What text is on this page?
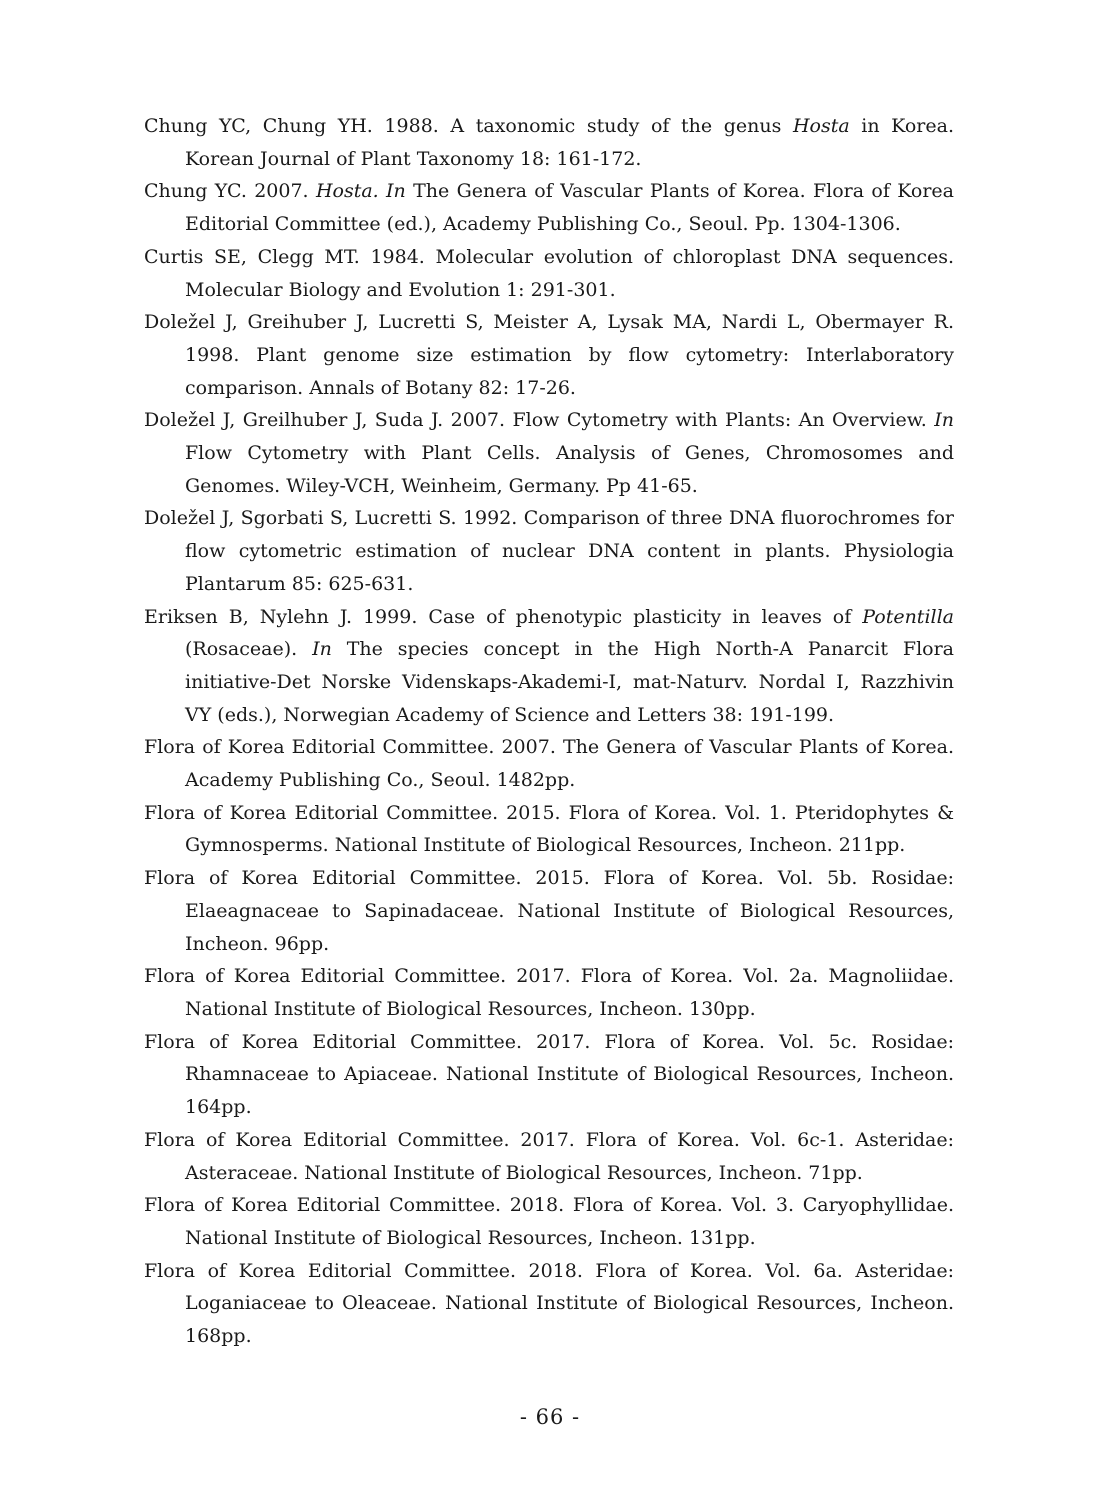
Chung YC, Chung YH. 1988. A taxonomic study of the genus Hosta in Korea. Korean Journal of Plant Taxonomy 18: 161-172.
Chung YC. 2007. Hosta. In The Genera of Vascular Plants of Korea. Flora of Korea Editorial Committee (ed.), Academy Publishing Co., Seoul. Pp. 1304-1306.
Curtis SE, Clegg MT. 1984. Molecular evolution of chloroplast DNA sequences. Molecular Biology and Evolution 1: 291-301.
Doležel J, Greihuber J, Lucretti S, Meister A, Lysak MA, Nardi L, Obermayer R. 1998. Plant genome size estimation by flow cytometry: Interlaboratory comparison. Annals of Botany 82: 17-26.
Doležel J, Greilhuber J, Suda J. 2007. Flow Cytometry with Plants: An Overview. In Flow Cytometry with Plant Cells. Analysis of Genes, Chromosomes and Genomes. Wiley-VCH, Weinheim, Germany. Pp 41-65.
Doležel J, Sgorbati S, Lucretti S. 1992. Comparison of three DNA fluorochromes for flow cytometric estimation of nuclear DNA content in plants. Physiologia Plantarum 85: 625-631.
Eriksen B, Nylehn J. 1999. Case of phenotypic plasticity in leaves of Potentilla (Rosaceae). In The species concept in the High North-A Panarcit Flora initiative-Det Norske Videnskaps-Akademi-I, mat-Naturv. Nordal I, Razzhivin VY (eds.), Norwegian Academy of Science and Letters 38: 191-199.
Flora of Korea Editorial Committee. 2007. The Genera of Vascular Plants of Korea. Academy Publishing Co., Seoul. 1482pp.
Flora of Korea Editorial Committee. 2015. Flora of Korea. Vol. 1. Pteridophytes & Gymnosperms. National Institute of Biological Resources, Incheon. 211pp.
Flora of Korea Editorial Committee. 2015. Flora of Korea. Vol. 5b. Rosidae: Elaeagnaceae to Sapinadaceae. National Institute of Biological Resources, Incheon. 96pp.
Flora of Korea Editorial Committee. 2017. Flora of Korea. Vol. 2a. Magnoliidae. National Institute of Biological Resources, Incheon. 130pp.
Flora of Korea Editorial Committee. 2017. Flora of Korea. Vol. 5c. Rosidae: Rhamnaceae to Apiaceae. National Institute of Biological Resources, Incheon. 164pp.
Flora of Korea Editorial Committee. 2017. Flora of Korea. Vol. 6c-1. Asteridae: Asteraceae. National Institute of Biological Resources, Incheon. 71pp.
Flora of Korea Editorial Committee. 2018. Flora of Korea. Vol. 3. Caryophyllidae. National Institute of Biological Resources, Incheon. 131pp.
Flora of Korea Editorial Committee. 2018. Flora of Korea. Vol. 6a. Asteridae: Loganiaceae to Oleaceae. National Institute of Biological Resources, Incheon. 168pp.
- 66 -
